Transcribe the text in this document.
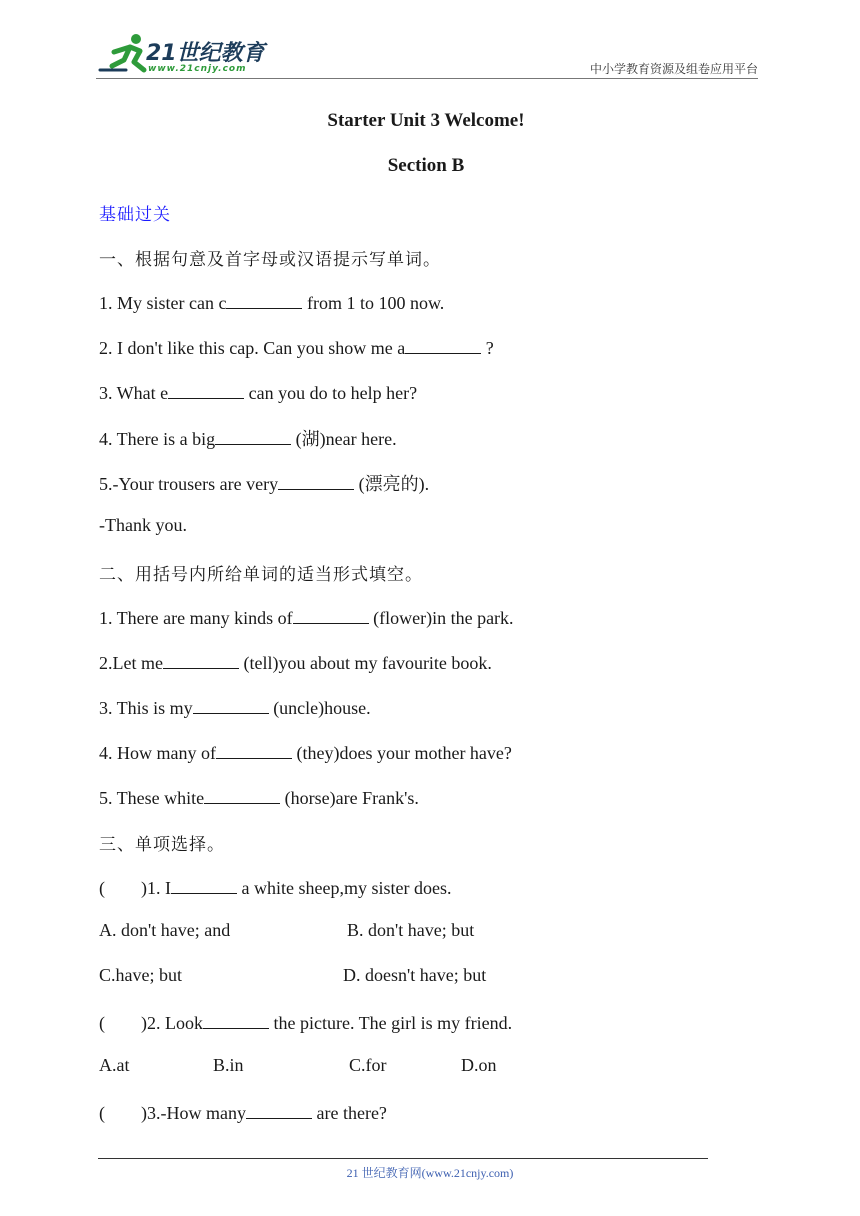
21世纪教育
www.21cnjy.com	中小学教育资源及组卷应用平台
Starter Unit 3 Welcome!
Section B
基础过关
一、根据句意及首字母或汉语提示写单词。
1. My sister can c	from 1 to 100 now.
2. I don't like this cap. Can you show me a	?
3. What e	can you do to help her?
4. There is a big	(湖)near here.
5.-Your trousers are very	(漂亮的).
-Thank you.
二、用括号内所给单词的适当形式填空。
1. There are many kinds of	(flower)in the park.
2.Let me	(tell)you about my favourite book.
3. This is my	(uncle)house.
4. How many of	(they)does your mother have?
5. These white	(horse)are Frank's.
三、单项选择。
( )1. I	a white sheep,my sister does.
A. don't have; and	B. don't have; but
C.have; but	D. doesn't have; but
( )2. Look	the picture. The girl is my friend.
A.at	B.in	C.for	D.on
( )3.-How many	are there?
21 世纪教育网(www.21cnjy.com)
